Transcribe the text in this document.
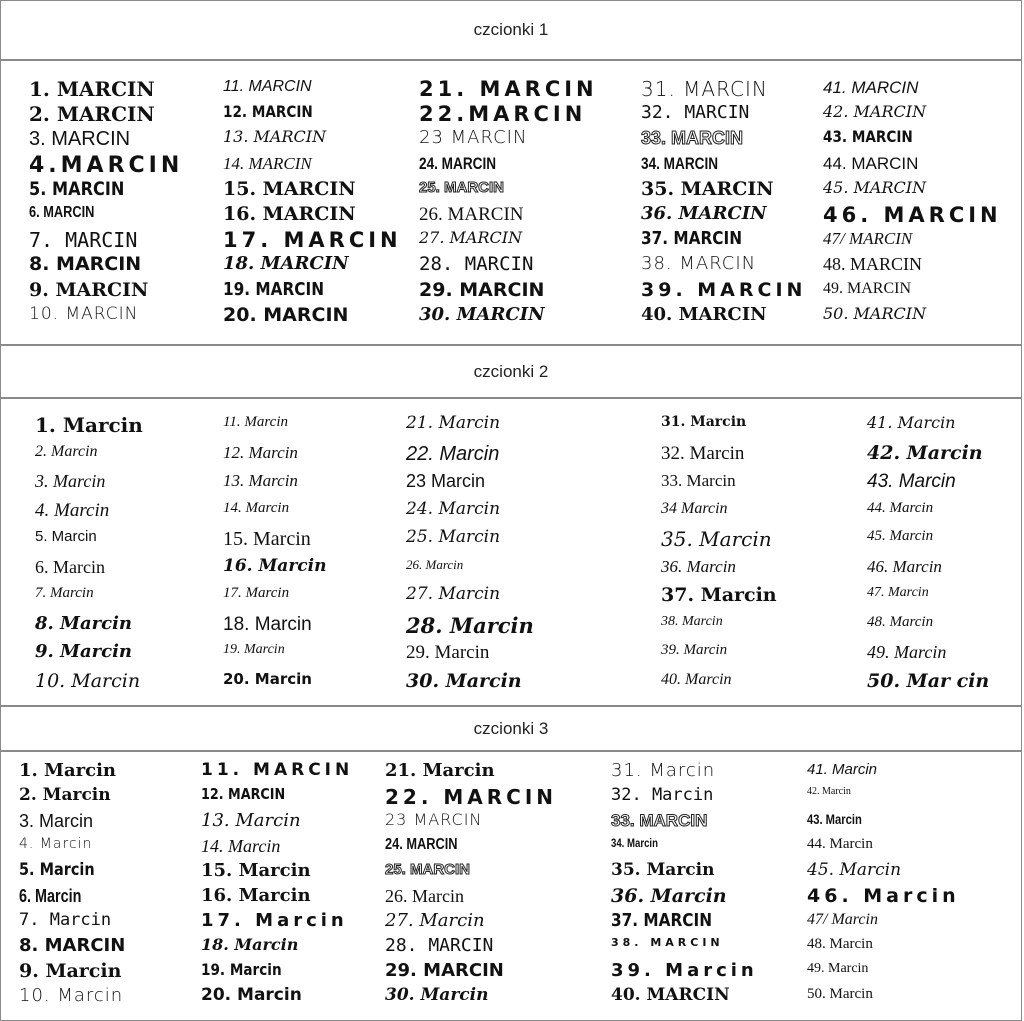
czcionki 1
1. MARCIN
2. MARCIN
3. MARCIN
4.MARCIN
5. MARCIN
6. MARCIN
7. MARCIN
8. MARCIN
9. MARCIN
10. MARCIN
11. MARCIN
12. MARCIN
13. MARCIN
14. MARCIN
15. MARCIN
16. MARCIN
17. MARCIN
18. MARCIN
19. MARCIN
20. MARCIN
21. MARCIN
22.MARCIN
23 MARCIN
24. MARCIN
25. MARCIN
26. MARCIN
27. MARCIN
28. MARCIN
29. MARCIN
30. MARCIN
31. MARCIN
32. MARCIN
33. MARCIN
34. MARCIN
35. MARCIN
36. MARCIN
37. MARCIN
38. MARCIN
39. MARCIN
40. MARCIN
41. MARCIN
42. MARCIN
43. MARCIN
44. MARCIN
45. MARCIN
46. MARCIN
47/ MARCIN
48. MARCIN
49. MARCIN
50. MARCIN
czcionki 2
1. Marcin
2. Marcin
3. Marcin
4. Marcin
5. Marcin
6. Marcin
7. Marcin
8. Marcin
9. Marcin
10. Marcin
11. Marcin
12. Marcin
13. Marcin
14. Marcin
15. Marcin
16. Marcin
17. Marcin
18. Marcin
19. Marcin
20. Marcin
21. Marcin
22. Marcin
23 Marcin
24. Marcin
25. Marcin
26. Marcin
27. Marcin
28. Marcin
29. Marcin
30. Marcin
31. Marcin
32. Marcin
33. Marcin
34 Marcin
35. Marcin
36. Marcin
37. Marcin
38. Marcin
39. Marcin
40. Marcin
41. Marcin
42. Marcin
43. Marcin
44. Marcin
45. Marcin
46. Marcin
47. Marcin
48. Marcin
49. Marcin
50. Mar cin
czcionki 3
1. Marcin
2. Marcin
3. Marcin
4. Marcin
5. Marcin
6. Marcin
7. Marcin
8. MARCIN
9. Marcin
10. Marcin
11. MARCIN
12. MARCIN
13. Marcin
14. Marcin
15. Marcin
16. Marcin
17. Marcin
18. Marcin
19. Marcin
20. Marcin
21. Marcin
22. MARCIN
23 MARCIN
24. MARCIN
25. MARCIN
26. Marcin
27. Marcin
28. MARCIN
29. MARCIN
30. Marcin
31. Marcin
32. Marcin
33. MARCIN
34. Marcin
35. Marcin
36. Marcin
37. MARCIN
38. MARCIN
39. Marcin
40. MARCIN
41. Marcin
42. Marcin
43. Marcin
44. Marcin
45. Marcin
46. Marcin
47/ Marcin
48. Marcin
49. Marcin
50. Marcin
